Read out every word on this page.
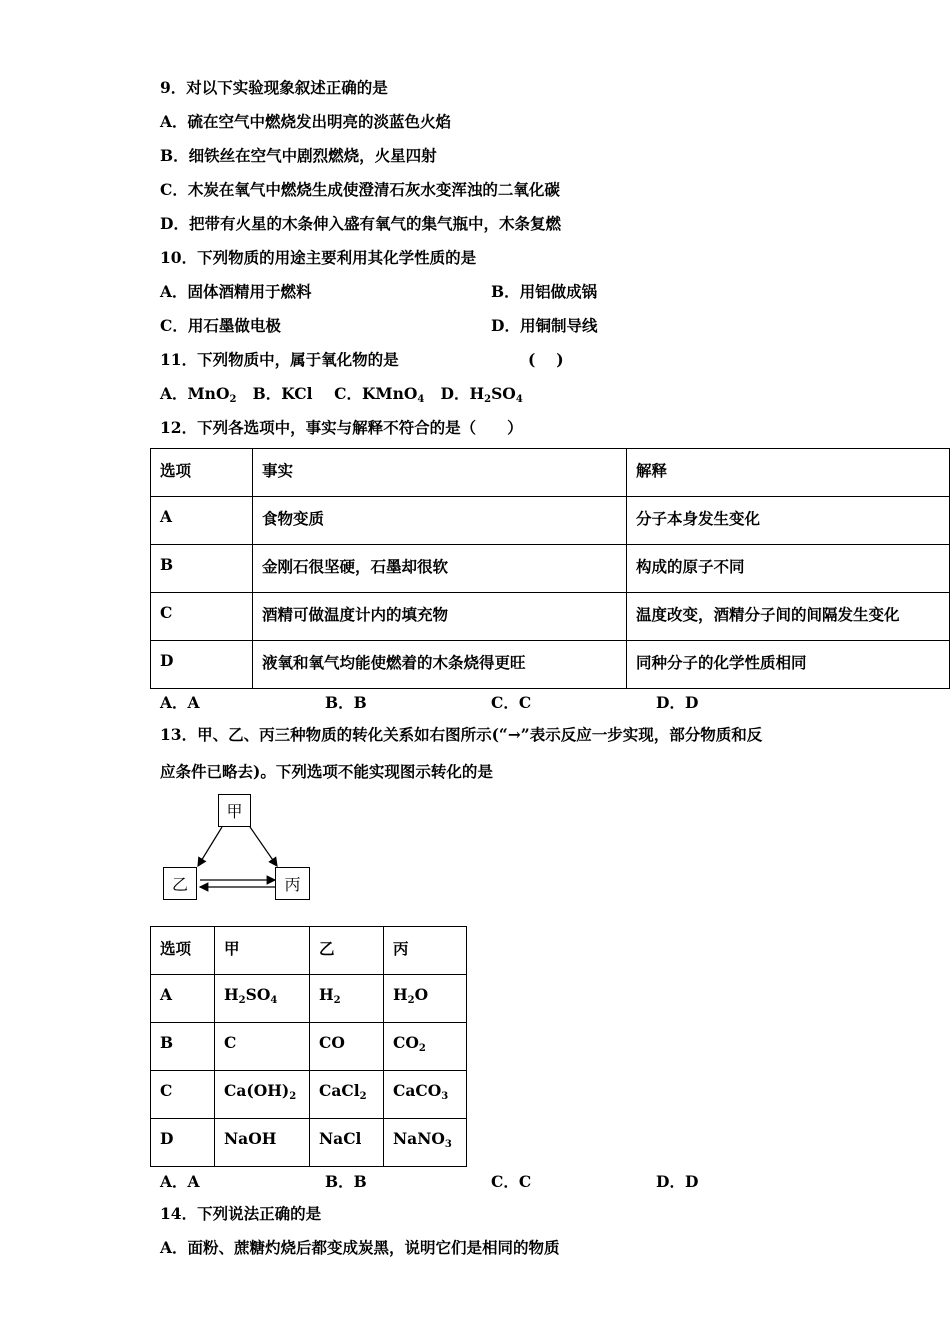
9．对以下实验现象叙述正确的是
A．硫在空气中燃烧发出明亮的淡蓝色火焰
B．细铁丝在空气中剧烈燃烧，火星四射
C．木炭在氧气中燃烧生成使澄清石灰水变浑浊的二氧化碳
D．把带有火星的木条伸入盛有氧气的集气瓶中，木条复燃
10．下列物质的用途主要利用其化学性质的是
A．固体酒精用于燃料	B．用铝做成锅
C．用石墨做电极	D．用铜制导线
11．下列物质中，属于氧化物的是	(　 )
A．MnO$_2$ B．KCl C．KMnO$_4$ D．$H_2SO_4$
12．下列各选项中，事实与解释不符合的是（　　）
选项	事实	解释
A	食物变质	分子本身发生变化
B	金刚石很坚硬，石墨却很软	构成的原子不同
C	酒精可做温度计内的填充物	温度改变，酒精分子间的间隔发生变化
D	液氧和氧气均能使燃着的木条烧得更旺	同种分子的化学性质相同
A．A	B．B	C．C	D．D
13．甲、乙、丙三种物质的转化关系如右图所示(“→”表示反应一步实现，部分物质和反
应条件已略去)。下列选项不能实现图示转化的是
甲
乙	丙
选项	甲	乙	丙
A	$H_2SO_4$	$H_2$	$H_2O$
B	C	CO	$CO_2$
C	$Ca(OH)_2$	CaCl$_2$	CaCO$_3$
D	NaOH	NaCl	NaNO$_3$
A．A	B．B	C．C	D．D
14．下列说法正确的是
A．面粉、蔗糖灼烧后都变成炭黑，说明它们是相同的物质
